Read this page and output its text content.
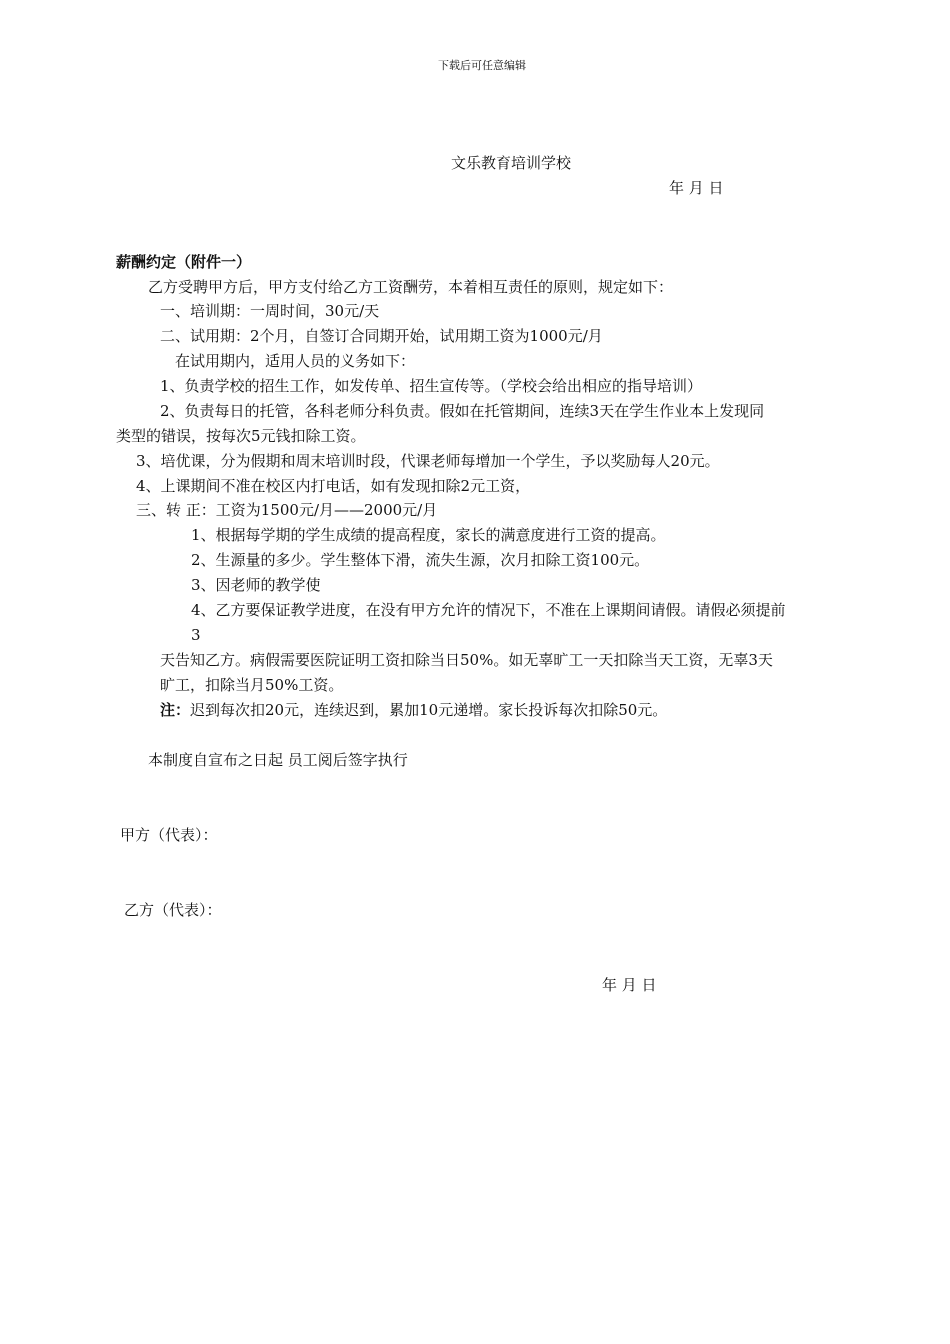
下载后可任意编辑
文乐教育培训学校
年 月 日
薪酬约定（附件一）
乙方受聘甲方后，甲方支付给乙方工资酬劳，本着相互责任的原则，规定如下：
一、培训期：一周时间，30元/天
二、试用期：2个月，自签订合同期开始，试用期工资为1000元/月
在试用期内，适用人员的义务如下：
1、负责学校的招生工作，如发传单、招生宣传等。（学校会给出相应的指导培训）
2、负责每日的托管，各科老师分科负责。假如在托管期间，连续3天在学生作业本上发现同
类型的错误，按每次5元钱扣除工资。
3、培优课，分为假期和周末培训时段，代课老师每增加一个学生，予以奖励每人20元。
4、上课期间不准在校区内打电话，如有发现扣除2元工资，
三、转 正：工资为1500元/月——2000元/月
1、根据每学期的学生成绩的提高程度，家长的满意度进行工资的提高。
2、生源量的多少。学生整体下滑，流失生源，次月扣除工资100元。
3、因老师的教学使
4、乙方要保证教学进度，在没有甲方允许的情况下，不准在上课期间请假。请假必须提前
3
天告知乙方。病假需要医院证明工资扣除当日50%。如无辜旷工一天扣除当天工资，无辜3天
旷工，扣除当月50%工资。
注：迟到每次扣20元，连续迟到，累加10元递增。家长投诉每次扣除50元。
本制度自宣布之日起 员工阅后签字执行
甲方（代表）：
乙方（代表）：
年 月 日
